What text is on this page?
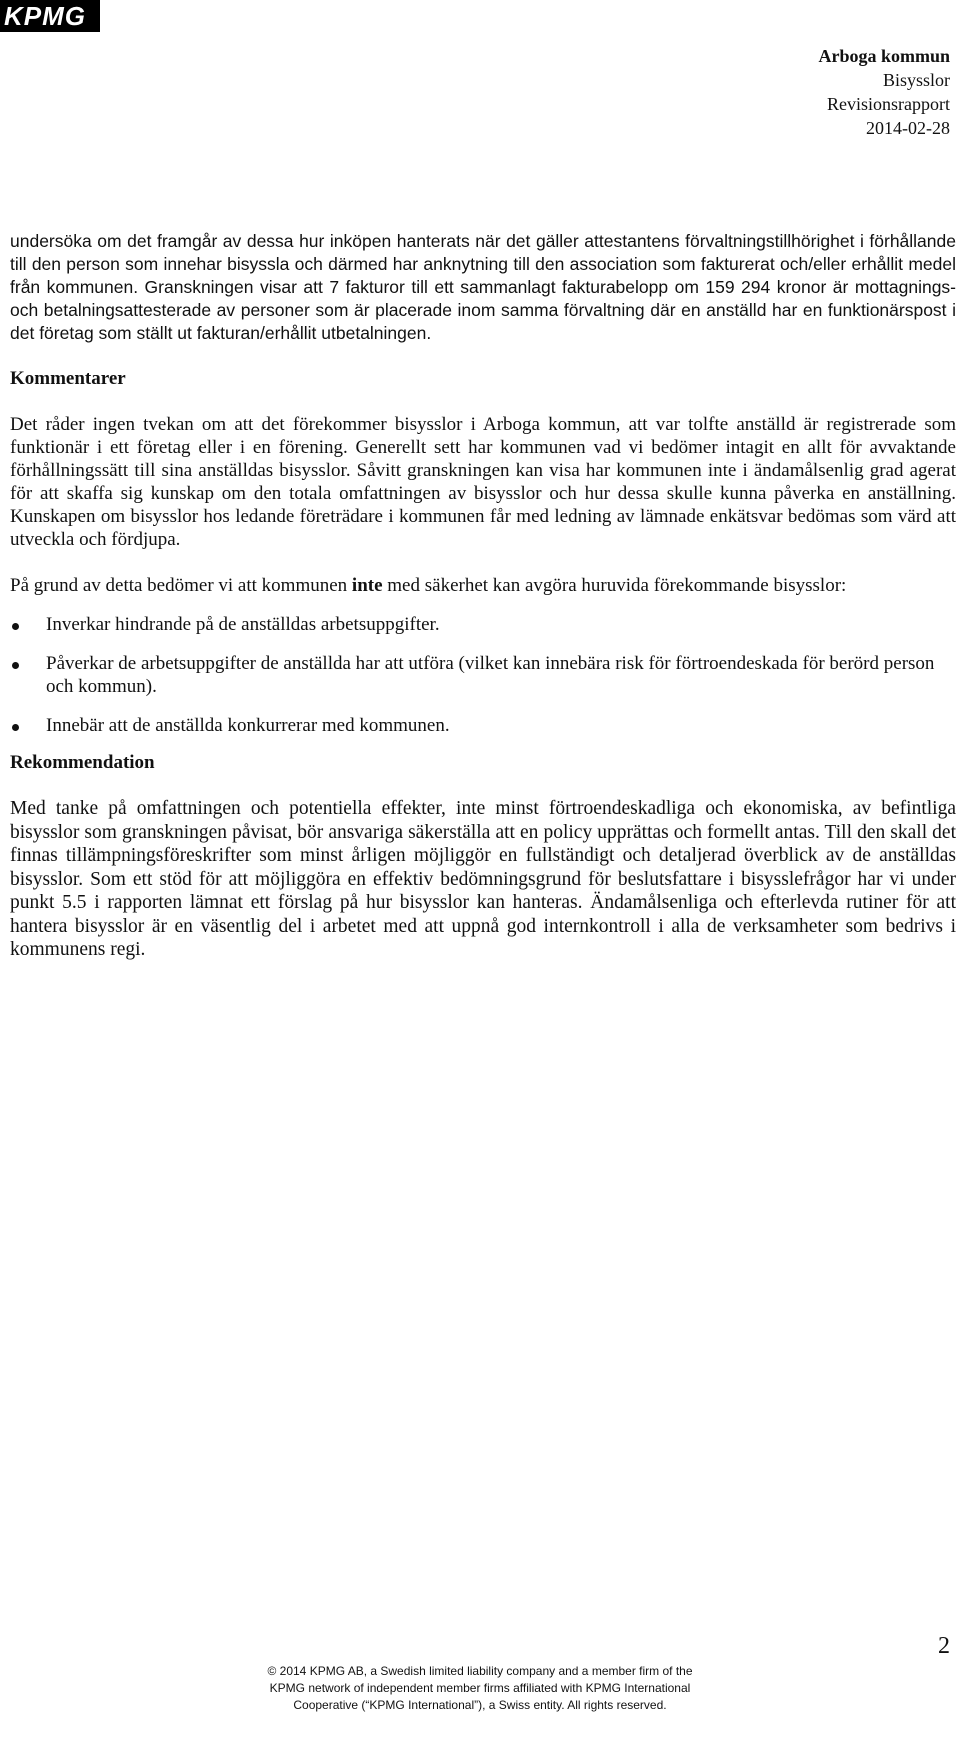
KPMG
Arboga kommun
Bisysslor
Revisionsrapport
2014-02-28

undersöka om det framgår av dessa hur inköpen hanterats när det gäller attestantens förvaltningstillhörighet i förhållande till den person som innehar bisyssla och därmed har anknytning till den association som fakturerat och/eller erhållit medel från kommunen. Granskningen visar att 7 fakturor till ett sammanlagt fakturabelopp om 159 294 kronor är mottagnings- och betalningsattesterade av personer som är placerade inom samma förvaltning där en anställd har en funktionärspost i det företag som ställt ut fakturan/erhållit utbetalningen.

Kommentarer

Det råder ingen tvekan om att det förekommer bisysslor i Arboga kommun, att var tolfte anställd är registrerade som funktionär i ett företag eller i en förening. Generellt sett har kommunen vad vi bedömer intagit en allt för avvaktande förhållningssätt till sina anställdas bisysslor. Såvitt granskningen kan visa har kommunen inte i ändamålsenlig grad agerat för att skaffa sig kunskap om den totala omfattningen av bisysslor och hur dessa skulle kunna påverka en anställning. Kunskapen om bisysslor hos ledande företrädare i kommunen får med ledning av lämnade enkätsvar bedömas som värd att utveckla och fördjupa.

På grund av detta bedömer vi att kommunen inte med säkerhet kan avgöra huruvida förekommande bisysslor:

Inverkar hindrande på de anställdas arbetsuppgifter.
Påverkar de arbetsuppgifter de anställda har att utföra (vilket kan innebära risk för förtroendeskada för berörd person och kommun).
Innebär att de anställda konkurrerar med kommunen.

Rekommendation

Med tanke på omfattningen och potentiella effekter, inte minst förtroendeskadliga och ekonomiska, av befintliga bisysslor som granskningen påvisat, bör ansvariga säkerställa att en policy upprättas och formellt antas. Till den skall det finnas tillämpningsföreskrifter som minst årligen möjliggör en fullständigt och detaljerad överblick av de anställdas bisysslor. Som ett stöd för att möjliggöra en effektiv bedömningsgrund för beslutsfattare i bisysslefrågor har vi under punkt 5.5 i rapporten lämnat ett förslag på hur bisysslor kan hanteras. Ändamålsenliga och efterlevda rutiner för att hantera bisysslor är en väsentlig del i arbetet med att uppnå god internkontroll i alla de verksamheter som bedrivs i kommunens regi.

2
© 2014 KPMG AB, a Swedish limited liability company and a member firm of the
KPMG network of independent member firms affiliated with KPMG International
Cooperative (“KPMG International”), a Swiss entity. All rights reserved.
